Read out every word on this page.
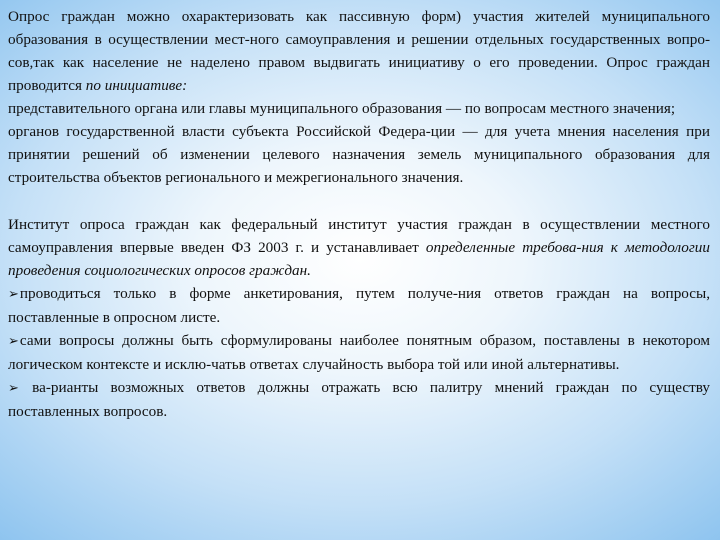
Опрос граждан можно охарактеризовать как пассивную форм) участия жителей муниципального образования в осуществлении мест-ного самоуправления и решении отдельных государственных вопро-сов,так как население не наделено правом выдвигать инициативу о его проведении. Опрос граждан проводится по инициативе:

представительного органа или главы муниципального образования — по вопросам местного значения;

органов государственной власти субъекта Российской Федера-ции — для учета мнения населения при принятии решений об изменении целевого назначения земель муниципального образования для строительства объектов регионального и межрегионального значения.

Институт опроса граждан как федеральный институт участия граждан в осуществлении местного самоуправления впервые введен ФЗ 2003 г. и устанавливает определенные требова-ния к методологии проведения социологических опросов граждан.

➢проводиться только в форме анкетирования, путем получе-ния ответов граждан на вопросы, поставленные в опросном листе.

➢сами вопросы должны быть сформулированы наиболее понятным образом, поставлены в некотором логическом контексте и исклю-чатьв ответах случайность выбора той или иной альтернативы.

➢ ва-рианты возможных ответов должны отражать всю палитру мнений граждан по существу поставленных вопросов.
